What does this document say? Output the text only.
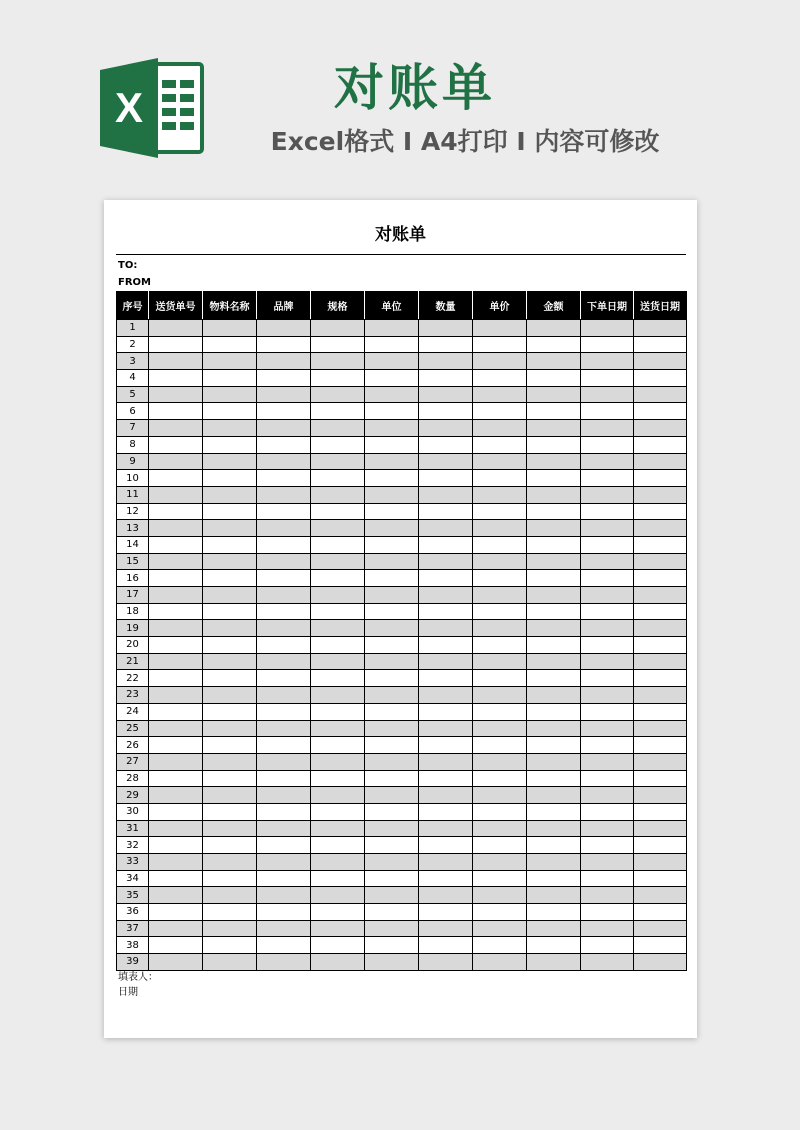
X	对账单
Excel格式 I A4打印 I 内容可修改
对账单
TO:
FROM
序号	送货单号	物料名称	品牌	规格	单位	数量	单价	金额	下单日期	送货日期
1										
2										
3										
4										
5										
6										
7										
8										
9										
10										
11										
12										
13										
14										
15										
16										
17										
18										
19										
20										
21										
22										
23										
24										
25										
26										
27										
28										
29										
30										
31										
32										
33										
34										
35										
36										
37										
38										
39										
填表人：
日期
